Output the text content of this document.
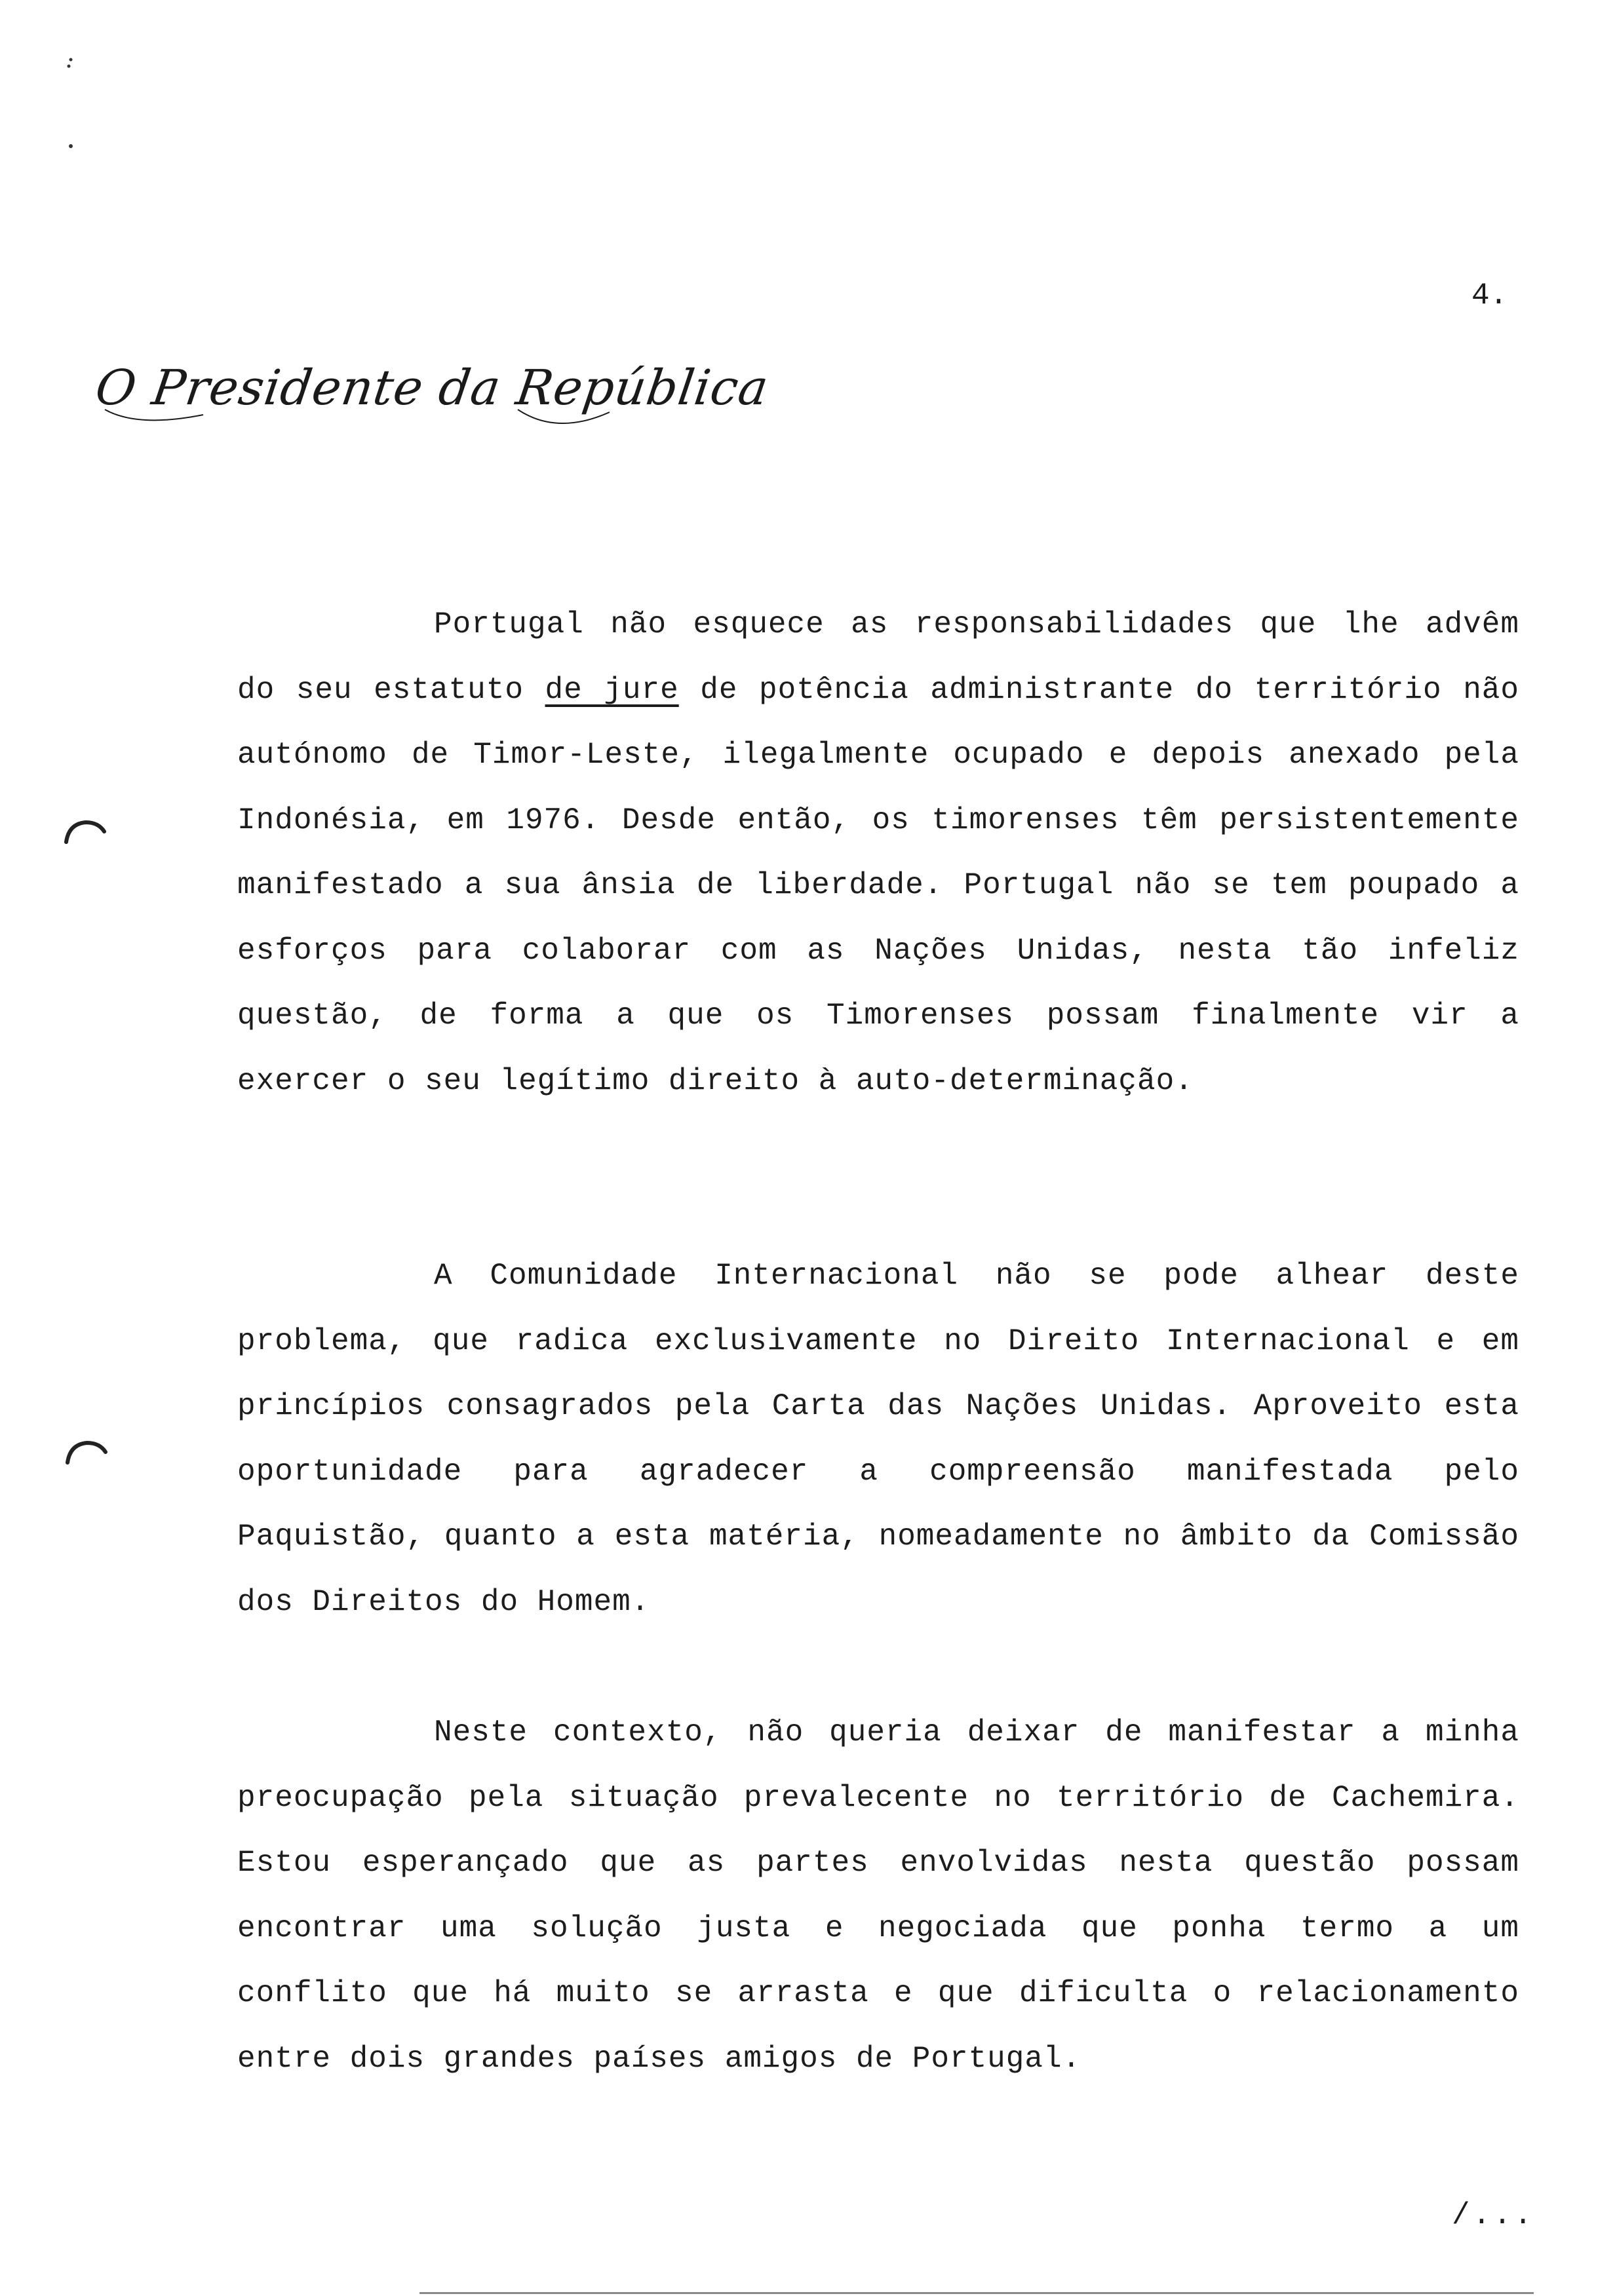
4.
O Presidente da República

Portugal não esquece as responsabilidades que lhe advêm do seu estatuto de jure de potência administrante do território não autónomo de Timor-Leste, ilegalmente ocupado e depois anexado pela Indonésia, em 1976. Desde então, os timorenses têm persistentemente manifestado a sua ânsia de liberdade. Portugal não se tem poupado a esforços para colaborar com as Nações Unidas, nesta tão infeliz questão, de forma a que os Timorenses possam finalmente vir a exercer o seu legítimo direito à auto-determinação.

A Comunidade Internacional não se pode alhear deste problema, que radica exclusivamente no Direito Internacional e em princípios consagrados pela Carta das Nações Unidas. Aproveito esta oportunidade para agradecer a compreensão manifestada pelo Paquistão, quanto a esta matéria, nomeadamente no âmbito da Comissão dos Direitos do Homem.

Neste contexto, não queria deixar de manifestar a minha preocupação pela situação prevalecente no território de Cachemira. Estou esperançado que as partes envolvidas nesta questão possam encontrar uma solução justa e negociada que ponha termo a um conflito que há muito se arrasta e que dificulta o relacionamento entre dois grandes países amigos de Portugal.

/...
